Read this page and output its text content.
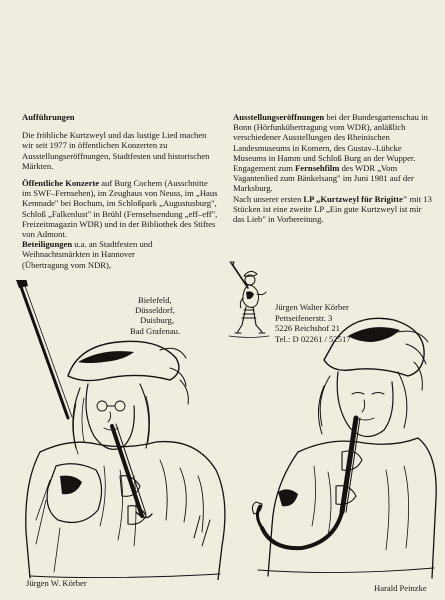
Aufführungen

Die fröhliche Kurtzweyl und das lustige Lied machen wir seit 1977 in öffentlichen Konzerten zu Ausstellungseröffnungen, Stadtfesten und historischen Märkten.

Öffentliche Konzerte auf Burg Cochem (Ausschnitte im SWF–Fernsehen), im Zeughaus von Neuss, im „Haus Kemnade" bei Bochum, im Schloßpark „Augustusburg", Schloß „Falkenlust" in Brühl (Fernsehsendung „eff–eff", Freizeitmagazin WDR) und in der Bibliothek des Stiftes von Admont.

Beteiligungen u.a. an Stadtfesten und Weihnachtsmärkten in Hannover (Übertragung vom NDR),

Bielefeld,
Düsseldorf,
Duisburg,
Bad Grafenau.

Ausstellungseröffnungen bei der Bundesgartenschau in Bonn (Hörfunkübertragung vom WDR), anläßlich verschiedener Ausstellungen des Rheinischen Landesmuseums in Komern, des Gustav–Lübcke Museums in Hamm und Schloß Burg an der Wupper.

Engagement zum Fernsehfilm des WDR „Vom Vagantenlied zum Bänkelsang" im Juni 1981 auf der Marksburg.

Nach unserer ersten LP „Kurtzweyl für Brigitte" mit 13 Stücken ist eine zweite LP „Ein gute Kurtzweyl ist mir das Lieb" in Vorbereitung.

Jürgen Walter Körber
Pettseifenerstr. 3
5226 Reichshof 21
Tel.: D 02261 / 52517
Jürgen W. Körber	Harald Peinzke
